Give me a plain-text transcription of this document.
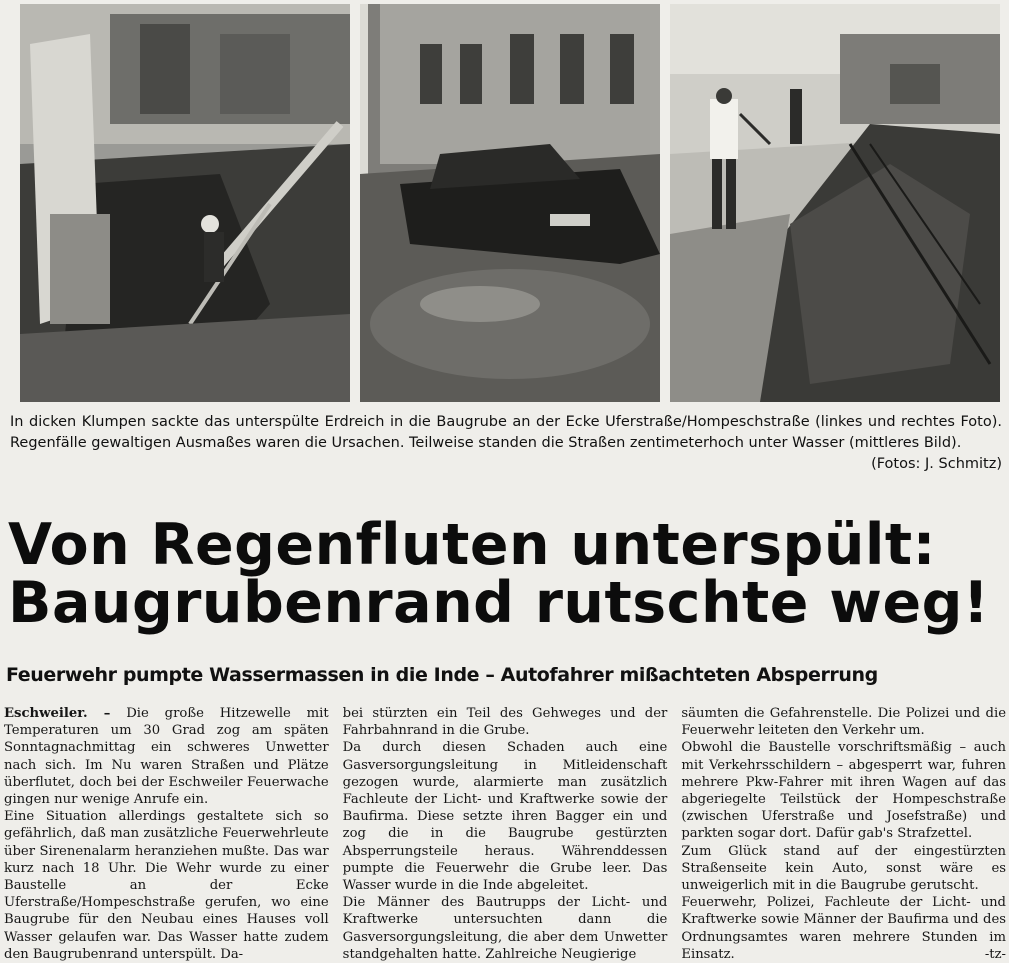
In dicken Klumpen sackte das unterspülte Erdreich in die Baugrube an der Ecke Uferstraße/Hompeschstraße (linkes und rechtes Foto). Regenfälle gewaltigen Ausmaßes waren die Ursachen. Teilweise standen die Straßen zentimeterhoch unter Wasser (mittleres Bild).
(Fotos: J. Schmitz)
Von Regenfluten unterspült:
Baugrubenrand rutschte weg!
Feuerwehr pumpte Wassermassen in die Inde – Autofahrer mißachteten Absperrung

Eschweiler. – Die große Hitzewelle mit Temperaturen um 30 Grad zog am späten Sonntagnachmittag ein schweres Unwetter nach sich. Im Nu waren Straßen und Plätze überflutet, doch bei der Eschweiler Feuerwache gingen nur wenige Anrufe ein.

Eine Situation allerdings gestaltete sich so gefährlich, daß man zusätzliche Feuerwehrleute über Sirenenalarm heranziehen mußte. Das war kurz nach 18 Uhr. Die Wehr wurde zu einer Baustelle an der Ecke Uferstraße/Hompeschstraße gerufen, wo eine Baugrube für den Neubau eines Hauses voll Wasser gelaufen war. Das Wasser hatte zudem den Baugrubenrand unterspült. Da-

bei stürzten ein Teil des Gehweges und der Fahrbahnrand in die Grube.

Da durch diesen Schaden auch eine Gasversorgungsleitung in Mitleidenschaft gezogen wurde, alarmierte man zusätzlich Fachleute der Licht- und Kraftwerke sowie der Baufirma. Diese setzte ihren Bagger ein und zog die in die Baugrube gestürzten Absperrungsteile heraus. Währenddessen pumpte die Feuerwehr die Grube leer. Das Wasser wurde in die Inde abgeleitet.

Die Männer des Bautrupps der Licht- und Kraftwerke untersuchten dann die Gasversorgungsleitung, die aber dem Unwetter standgehalten hatte. Zahlreiche Neugierige

säumten die Gefahrenstelle. Die Polizei und die Feuerwehr leiteten den Verkehr um.

Obwohl die Baustelle vorschriftsmäßig – auch mit Verkehrsschildern – abgesperrt war, fuhren mehrere Pkw-Fahrer mit ihren Wagen auf das abgeriegelte Teilstück der Hompeschstraße (zwischen Uferstraße und Josefstraße) und parkten sogar dort. Dafür gab's Strafzettel.

Zum Glück stand auf der eingestürzten Straßenseite kein Auto, sonst wäre es unweigerlich mit in die Baugrube gerutscht.

Feuerwehr, Polizei, Fachleute der Licht- und Kraftwerke sowie Männer der Baufirma und des Ordnungsamtes waren mehrere Stunden im Einsatz.	-tz-
